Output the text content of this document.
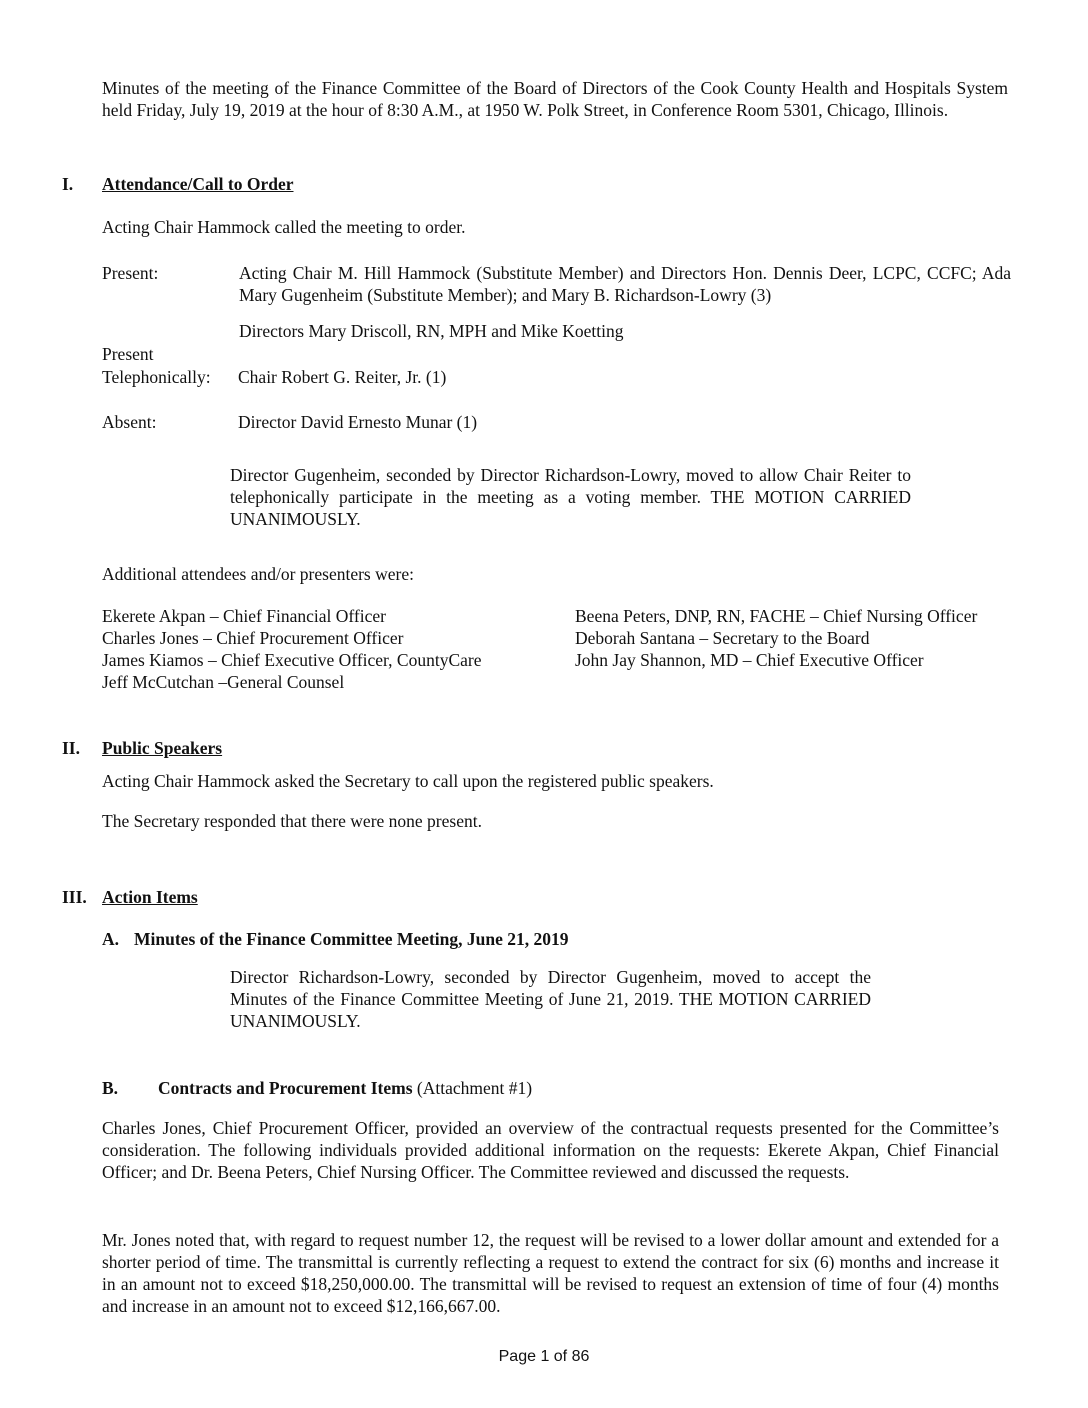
Minutes of the meeting of the Finance Committee of the Board of Directors of the Cook County Health and Hospitals System held Friday, July 19, 2019 at the hour of 8:30 A.M., at 1950 W. Polk Street, in Conference Room 5301, Chicago, Illinois.
I. Attendance/Call to Order
Acting Chair Hammock called the meeting to order.
Present:	Acting Chair M. Hill Hammock (Substitute Member) and Directors Hon. Dennis Deer, LCPC, CCFC; Ada Mary Gugenheim (Substitute Member); and Mary B. Richardson-Lowry (3)
Directors Mary Driscoll, RN, MPH and Mike Koetting
Present
Telephonically: Chair Robert G. Reiter, Jr. (1)
Absent:	Director David Ernesto Munar (1)
Director Gugenheim, seconded by Director Richardson-Lowry, moved to allow Chair Reiter to telephonically participate in the meeting as a voting member. THE MOTION CARRIED UNANIMOUSLY.
Additional attendees and/or presenters were:
Ekerete Akpan – Chief Financial Officer
Charles Jones – Chief Procurement Officer
James Kiamos – Chief Executive Officer, CountyCare
Jeff McCutchan –General Counsel
Beena Peters, DNP, RN, FACHE – Chief Nursing Officer
Deborah Santana – Secretary to the Board
John Jay Shannon, MD – Chief Executive Officer
II. Public Speakers
Acting Chair Hammock asked the Secretary to call upon the registered public speakers.
The Secretary responded that there were none present.
III. Action Items
A. Minutes of the Finance Committee Meeting, June 21, 2019
Director Richardson-Lowry, seconded by Director Gugenheim, moved to accept the Minutes of the Finance Committee Meeting of June 21, 2019. THE MOTION CARRIED UNANIMOUSLY.
B. Contracts and Procurement Items (Attachment #1)
Charles Jones, Chief Procurement Officer, provided an overview of the contractual requests presented for the Committee’s consideration. The following individuals provided additional information on the requests: Ekerete Akpan, Chief Financial Officer; and Dr. Beena Peters, Chief Nursing Officer. The Committee reviewed and discussed the requests.
Mr. Jones noted that, with regard to request number 12, the request will be revised to a lower dollar amount and extended for a shorter period of time. The transmittal is currently reflecting a request to extend the contract for six (6) months and increase it in an amount not to exceed $18,250,000.00. The transmittal will be revised to request an extension of time of four (4) months and increase in an amount not to exceed $12,166,667.00.
Page 1 of 86
